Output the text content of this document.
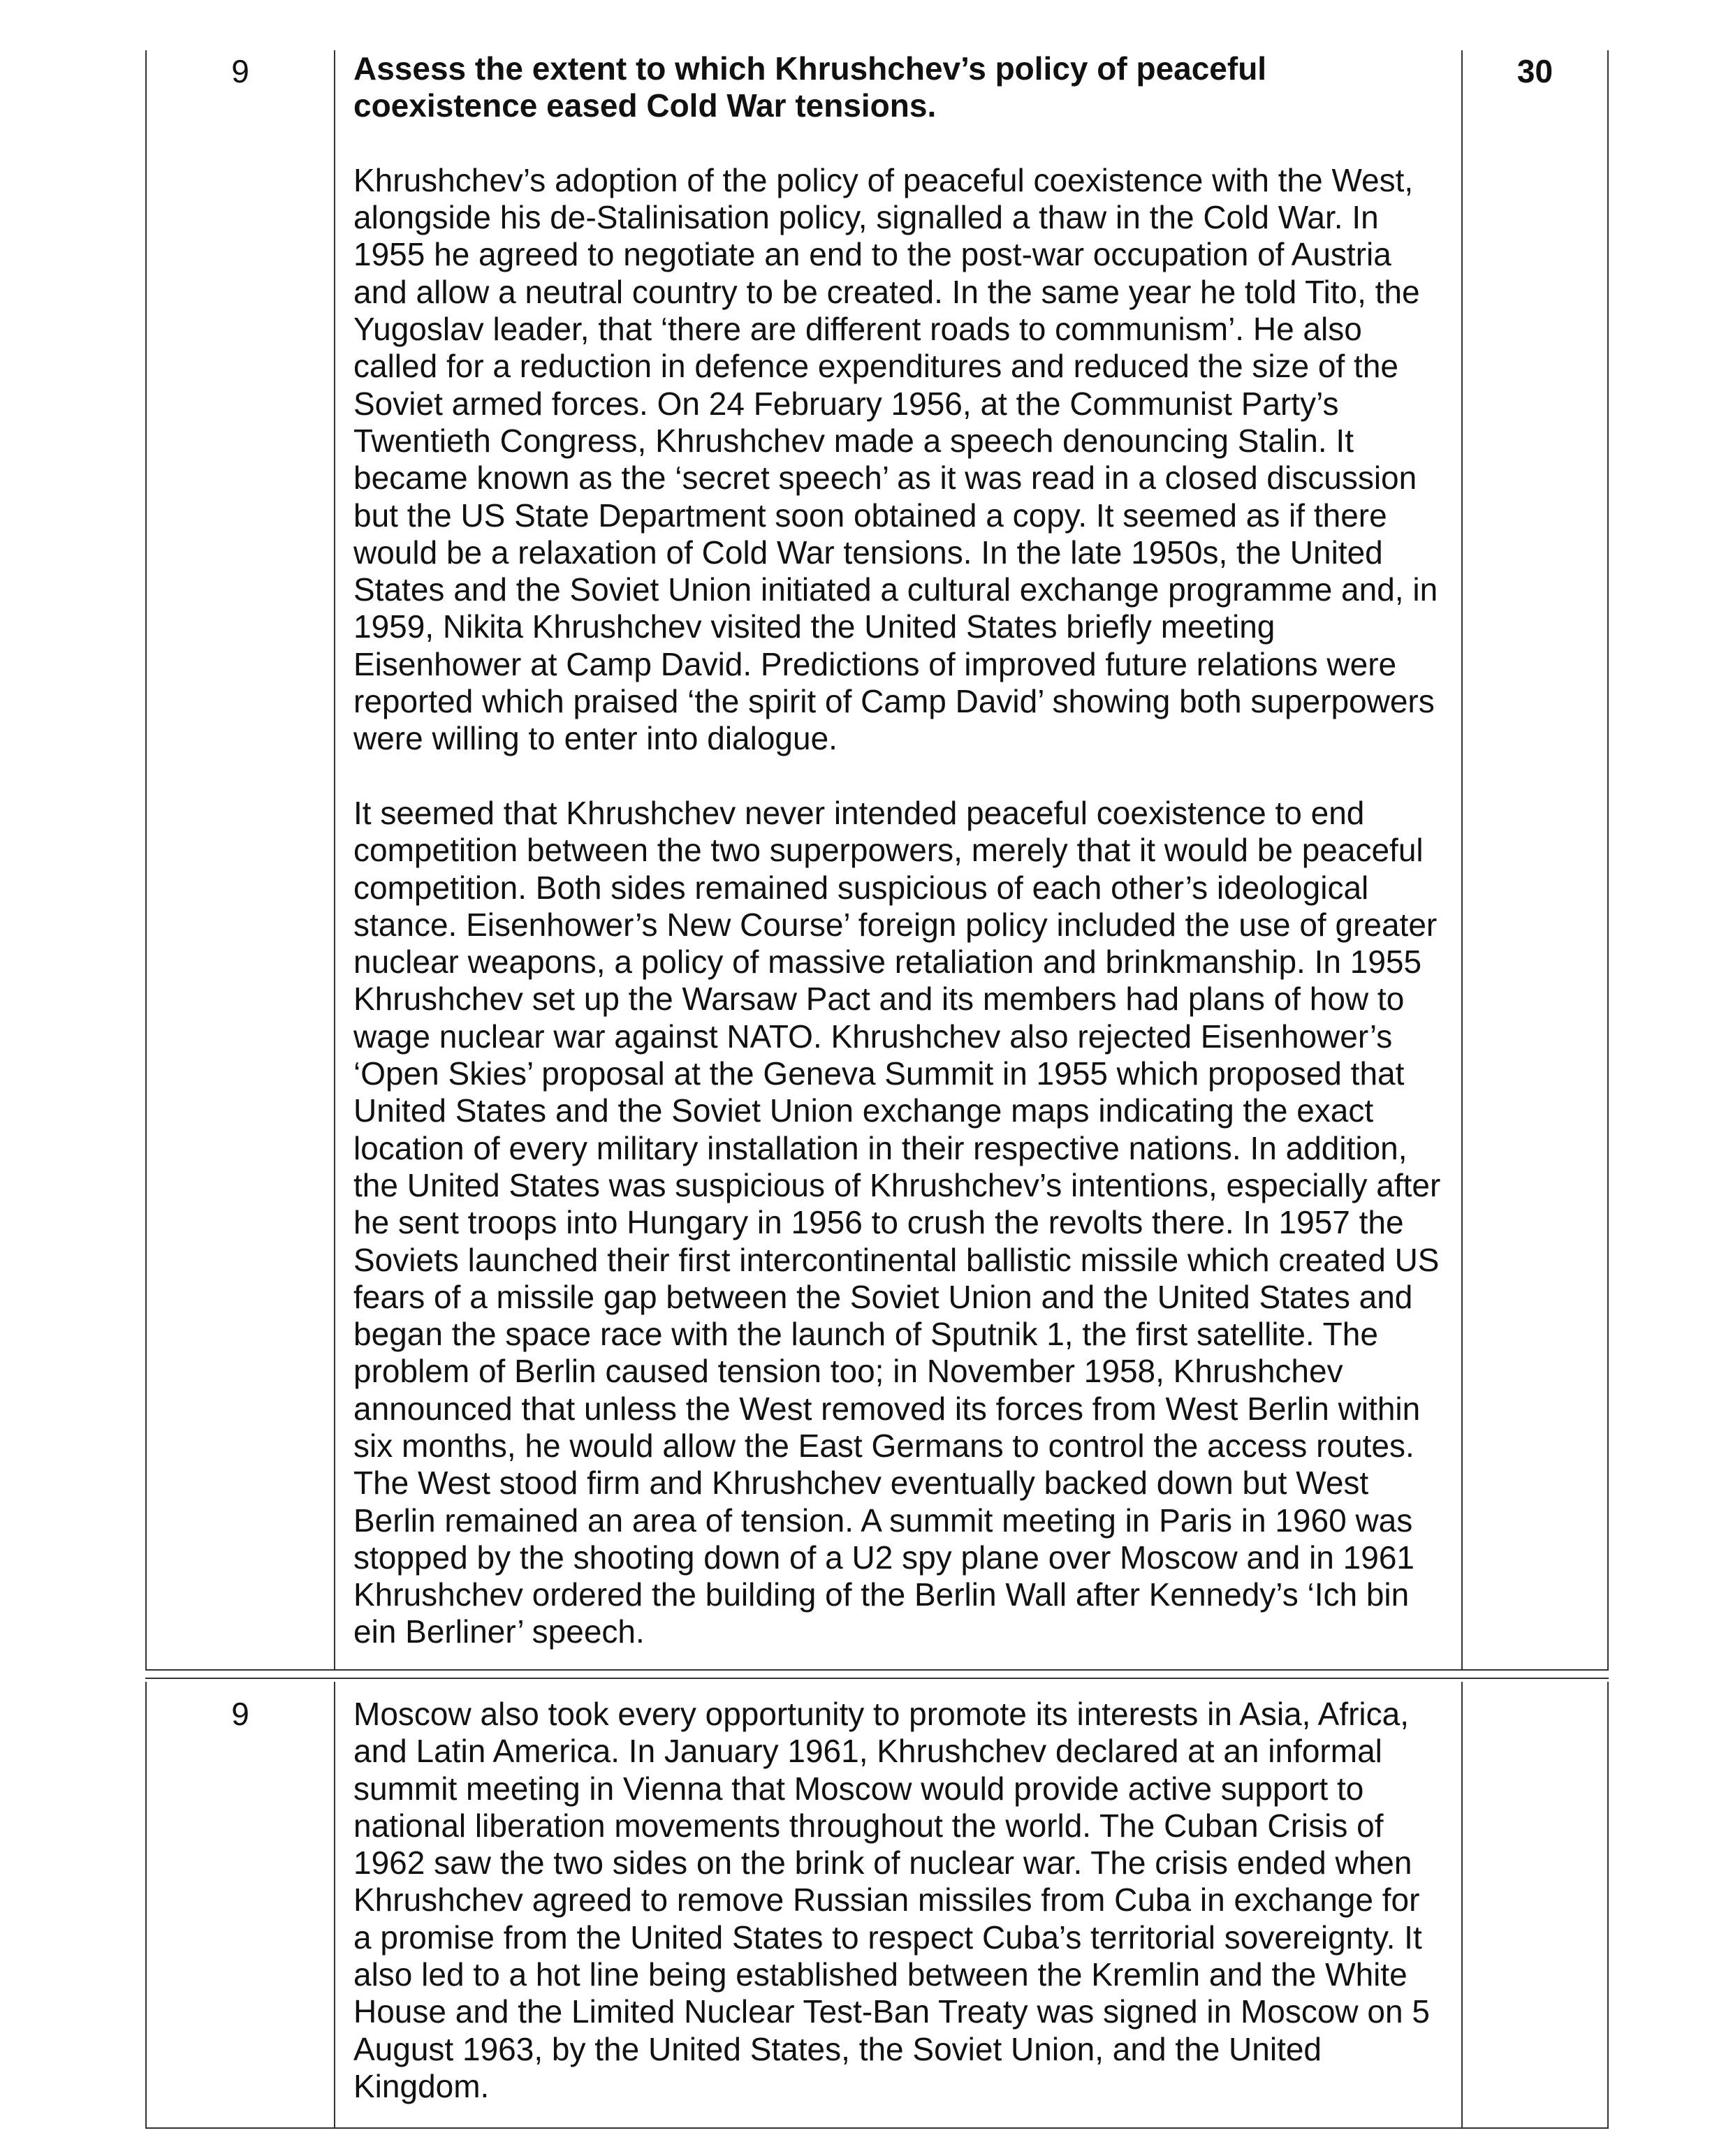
9	Assess the extent to which Khrushchev’s policy of peaceful coexistence eased Cold War tensions.

Khrushchev’s adoption of the policy of peaceful coexistence with the West, alongside his de-Stalinisation policy, signalled a thaw in the Cold War. In 1955 he agreed to negotiate an end to the post-war occupation of Austria and allow a neutral country to be created. In the same year he told Tito, the Yugoslav leader, that ‘there are different roads to communism’. He also called for a reduction in defence expenditures and reduced the size of the Soviet armed forces. On 24 February 1956, at the Communist Party’s Twentieth Congress, Khrushchev made a speech denouncing Stalin. It became known as the ‘secret speech’ as it was read in a closed discussion but the US State Department soon obtained a copy. It seemed as if there would be a relaxation of Cold War tensions. In the late 1950s, the United States and the Soviet Union initiated a cultural exchange programme and, in 1959, Nikita Khrushchev visited the United States briefly meeting Eisenhower at Camp David. Predictions of improved future relations were reported which praised ‘the spirit of Camp David’ showing both superpowers were willing to enter into dialogue.

It seemed that Khrushchev never intended peaceful coexistence to end competition between the two superpowers, merely that it would be peaceful competition. Both sides remained suspicious of each other’s ideological stance. Eisenhower’s New Course’ foreign policy included the use of greater nuclear weapons, a policy of massive retaliation and brinkmanship. In 1955 Khrushchev set up the Warsaw Pact and its members had plans of how to wage nuclear war against NATO. Khrushchev also rejected Eisenhower’s ‘Open Skies’ proposal at the Geneva Summit in 1955 which proposed that United States and the Soviet Union exchange maps indicating the exact location of every military installation in their respective nations. In addition, the United States was suspicious of Khrushchev’s intentions, especially after he sent troops into Hungary in 1956 to crush the revolts there. In 1957 the Soviets launched their first intercontinental ballistic missile which created US fears of a missile gap between the Soviet Union and the United States and began the space race with the launch of Sputnik 1, the first satellite. The problem of Berlin caused tension too; in November 1958, Khrushchev announced that unless the West removed its forces from West Berlin within six months, he would allow the East Germans to control the access routes. The West stood firm and Khrushchev eventually backed down but West Berlin remained an area of tension. A summit meeting in Paris in 1960 was stopped by the shooting down of a U2 spy plane over Moscow and in 1961 Khrushchev ordered the building of the Berlin Wall after Kennedy’s ‘Ich bin ein Berliner’ speech.

30
9	Moscow also took every opportunity to promote its interests in Asia, Africa, and Latin America. In January 1961, Khrushchev declared at an informal summit meeting in Vienna that Moscow would provide active support to national liberation movements throughout the world. The Cuban Crisis of 1962 saw the two sides on the brink of nuclear war. The crisis ended when Khrushchev agreed to remove Russian missiles from Cuba in exchange for a promise from the United States to respect Cuba’s territorial sovereignty. It also led to a hot line being established between the Kremlin and the White House and the Limited Nuclear Test-Ban Treaty was signed in Moscow on 5 August 1963, by the United States, the Soviet Union, and the United Kingdom.
